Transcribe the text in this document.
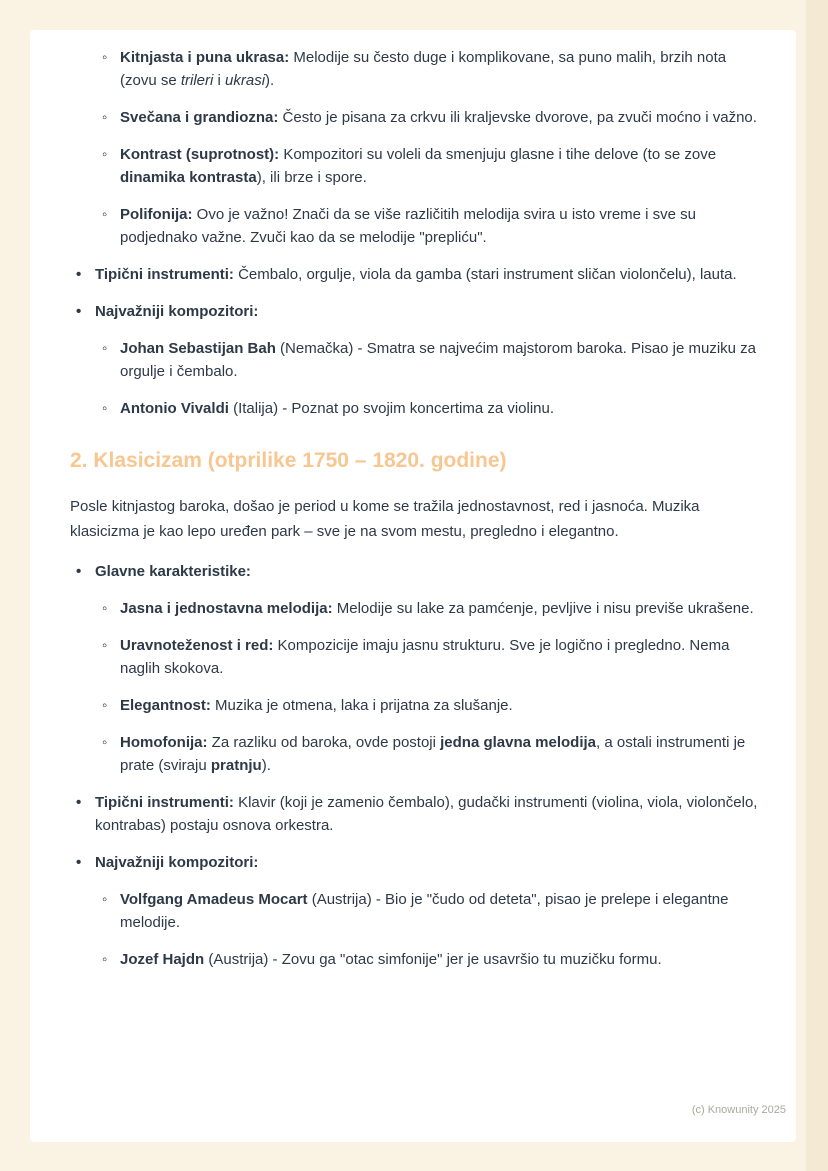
◦ Kitnjasta i puna ukrasa: Melodije su često duge i komplikovane, sa puno malih, brzih nota (zovu se trileri i ukrasi).
◦ Svečana i grandiozna: Često je pisana za crkvu ili kraljevske dvorove, pa zvuči moćno i važno.
◦ Kontrast (suprotnost): Kompozitori su voleli da smenjuju glasne i tihe delove (to se zove dinamika kontrasta), ili brze i spore.
◦ Polifonija: Ovo je važno! Znači da se više različitih melodija svira u isto vreme i sve su podjednako važne. Zvuči kao da se melodije "prepliću".
• Tipični instrumenti: Čembalo, orgulje, viola da gamba (stari instrument sličan violončelu), lauta.
• Najvažniji kompozitori:
◦ Johan Sebastijan Bah (Nemačka) - Smatra se najvećim majstorom baroka. Pisao je muziku za orgulje i čembalo.
◦ Antonio Vivaldi (Italija) - Poznat po svojim koncertima za violinu.
2. Klasicizam (otprilike 1750 – 1820. godine)

Posle kitnjastog baroka, došao je period u kome se tražila jednostavnost, red i jasnoća. Muzika klasicizma je kao lepo uređen park – sve je na svom mestu, pregledno i elegantno.

• Glavne karakteristike:
◦ Jasna i jednostavna melodija: Melodije su lake za pamćenje, pevljive i nisu previše ukrašene.
◦ Uravnoteženost i red: Kompozicije imaju jasnu strukturu. Sve je logično i pregledno. Nema naglih skokova.
◦ Elegantnost: Muzika je otmena, laka i prijatna za slušanje.
◦ Homofonija: Za razliku od baroka, ovde postoji jedna glavna melodija, a ostali instrumenti je prate (sviraju pratnju).
• Tipični instrumenti: Klavir (koji je zamenio čembalo), gudački instrumenti (violina, viola, violončelo, kontrabas) postaju osnova orkestra.
• Najvažniji kompozitori:
◦ Volfgang Amadeus Mocart (Austrija) - Bio je "čudo od deteta", pisao je prelepe i elegantne melodije.
◦ Jozef Hajdn (Austrija) - Zovu ga "otac simfonije" jer je usavršio tu muzičku formu.
(c) Knowunity 2025
